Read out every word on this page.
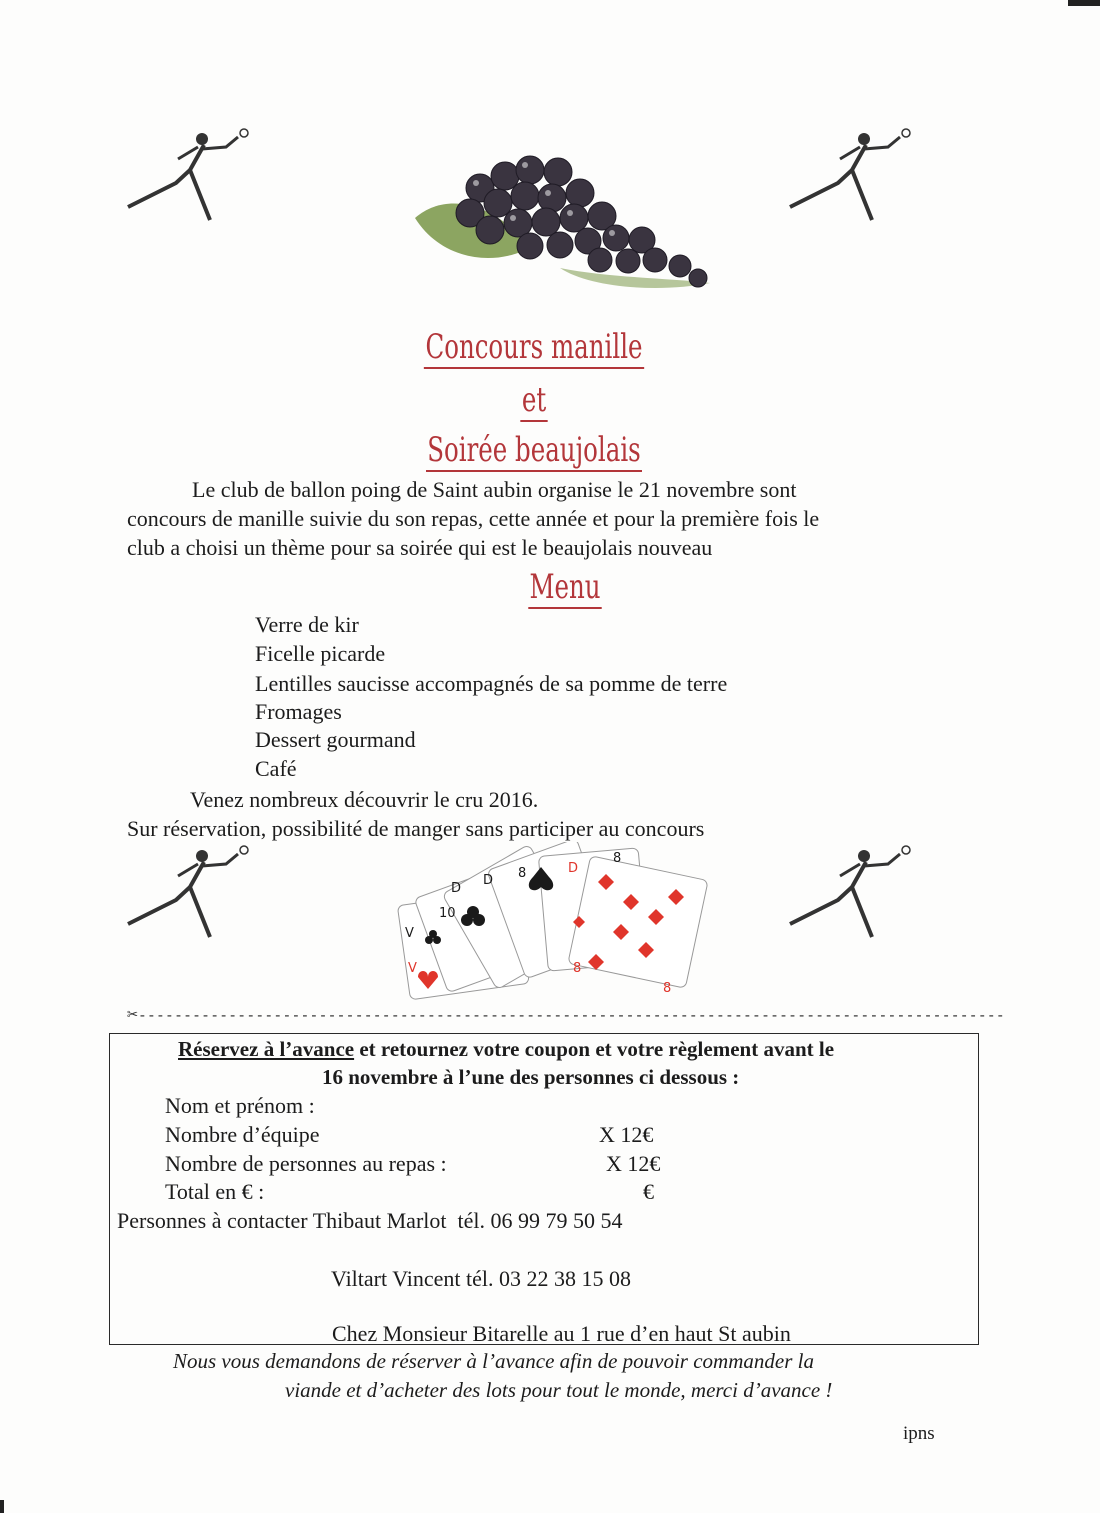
Concours manille
et
Soirée beaujolais
Le club de ballon poing de Saint aubin organise le 21 novembre sont
concours de manille suivie du son repas, cette année et pour la première fois le
club a choisi un thème pour sa soirée qui est le beaujolais nouveau
Menu
Verre de kir
Ficelle picarde
Lentilles saucisse accompagnés de sa pomme de terre
Fromages
Dessert gourmand
Café
Venez nombreux découvrir le cru 2016.
Sur réservation, possibilité de manger sans participer au concours
V
D
10
8
D
8
D
V	8
8
✂------------------------------------------------------------------------------------------------
Réservez à l’avance et retournez votre coupon et votre règlement avant le
16 novembre à l’une des personnes ci dessous :
Nom et prénom :
Nombre d’équipe	X 12€
Nombre de personnes au repas :	X 12€
Total en € :	€
Personnes à contacter Thibaut Marlot  tél. 06 99 79 50 54
Viltart Vincent tél. 03 22 38 15 08
Chez Monsieur Bitarelle au 1 rue d’en haut St aubin
Nous vous demandons de réserver à l’avance afin de pouvoir commander la
viande et d’acheter des lots pour tout le monde, merci d’avance !
ipns
